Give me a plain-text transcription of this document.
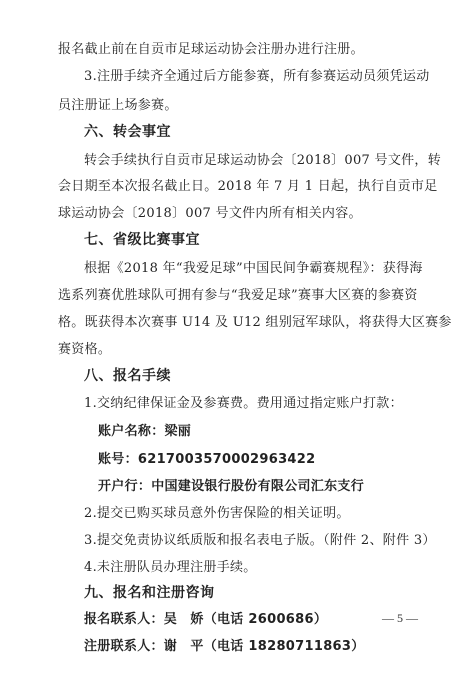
报名截止前在自贡市足球运动协会注册办进行注册。
3.注册手续齐全通过后方能参赛，所有参赛运动员须凭运动
员注册证上场参赛。
六、转会事宜
转会手续执行自贡市足球运动协会〔2018〕007 号文件，转
会日期至本次报名截止日。2018 年 7 月 1 日起，执行自贡市足
球运动协会〔2018〕007 号文件内所有相关内容。
七、省级比赛事宜
根据《2018 年“我爱足球”中国民间争霸赛规程》：获得海
选系列赛优胜球队可拥有参与“我爱足球”赛事大区赛的参赛资
格。既获得本次赛事 U14 及 U12 组别冠军球队，将获得大区赛参
赛资格。
八、报名手续
1.交纳纪律保证金及参赛费。费用通过指定账户打款：
账户名称：梁丽
账号：6217003570002963422
开户行：中国建设银行股份有限公司汇东支行
2.提交已购买球员意外伤害保险的相关证明。
3.提交免责协议纸质版和报名表电子版。（附件 2、附件 3）
4.未注册队员办理注册手续。
九、报名和注册咨询
报名联系人：吴　娇（电话 2600686）
注册联系人：谢　平（电话 18280711863）
— 5 —
